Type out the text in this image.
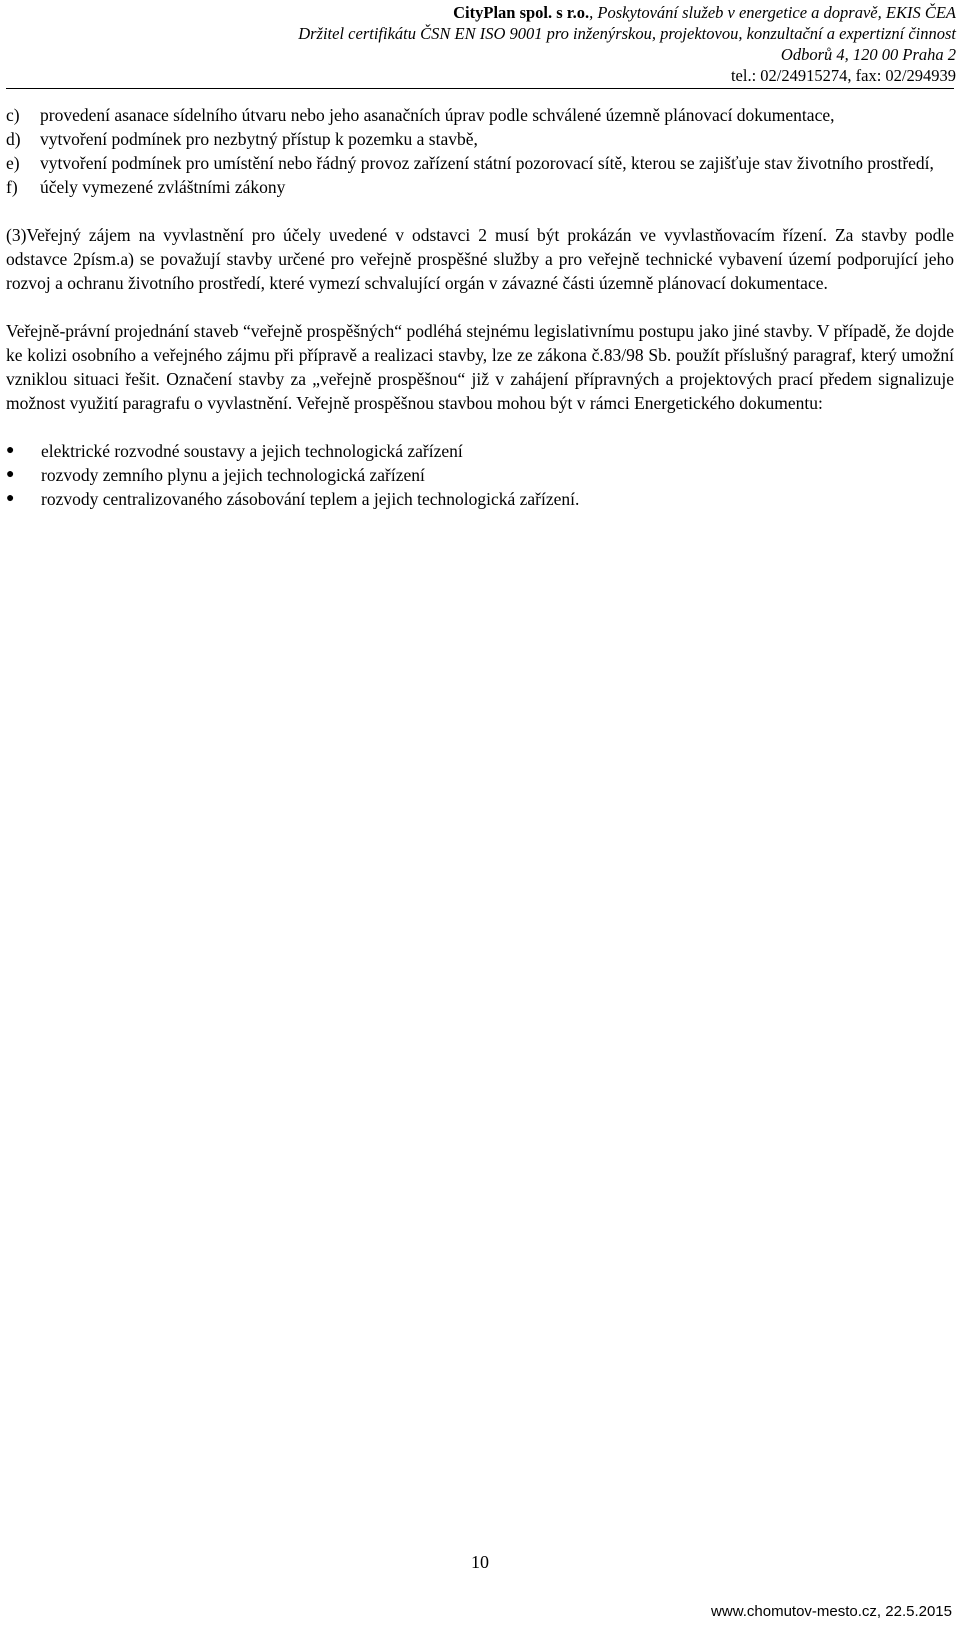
CityPlan spol. s r.o., Poskytování služeb v energetice a dopravě, EKIS ČEA
Držitel certifikátu ČSN EN ISO 9001 pro inženýrskou, projektovou, konzultační a expertizní činnost
Odborů 4, 120 00 Praha 2
tel.: 02/24915274, fax: 02/294939
c)	provedení asanace sídelního útvaru nebo jeho asanačních úprav podle schválené územně plánovací dokumentace,
d)	vytvoření podmínek pro nezbytný přístup k pozemku a stavbě,
e)	vytvoření podmínek pro umístění nebo řádný provoz zařízení státní pozorovací sítě, kterou se zajišťuje stav životního prostředí,
f)	účely vymezené zvláštními zákony

(3)Veřejný zájem na vyvlastnění pro účely uvedené v odstavci 2 musí být prokázán ve vyvlastňovacím řízení. Za stavby podle odstavce 2písm.a) se považují stavby určené pro veřejně prospěšné služby a pro veřejně technické vybavení území podporující jeho rozvoj a ochranu životního prostředí, které vymezí schvalující orgán v závazné části územně plánovací dokumentace.

Veřejně-právní projednání staveb “veřejně prospěšných“ podléhá stejnému legislativnímu postupu jako jiné stavby. V případě, že dojde ke kolizi osobního a veřejného zájmu při přípravě a realizaci stavby, lze ze zákona č.83/98 Sb. použít příslušný paragraf, který umožní vzniklou situaci řešit. Označení stavby za „veřejně prospěšnou“ již v zahájení přípravných a projektových prací předem signalizuje možnost využití paragrafu o vyvlastnění. Veřejně prospěšnou stavbou mohou být v rámci Energetického dokumentu:

●	elektrické rozvodné soustavy a jejich technologická zařízení
●	rozvody zemního plynu a jejich technologická zařízení
●	rozvody centralizovaného zásobování teplem a jejich technologická zařízení.
10
www.chomutov-mesto.cz, 22.5.2015
